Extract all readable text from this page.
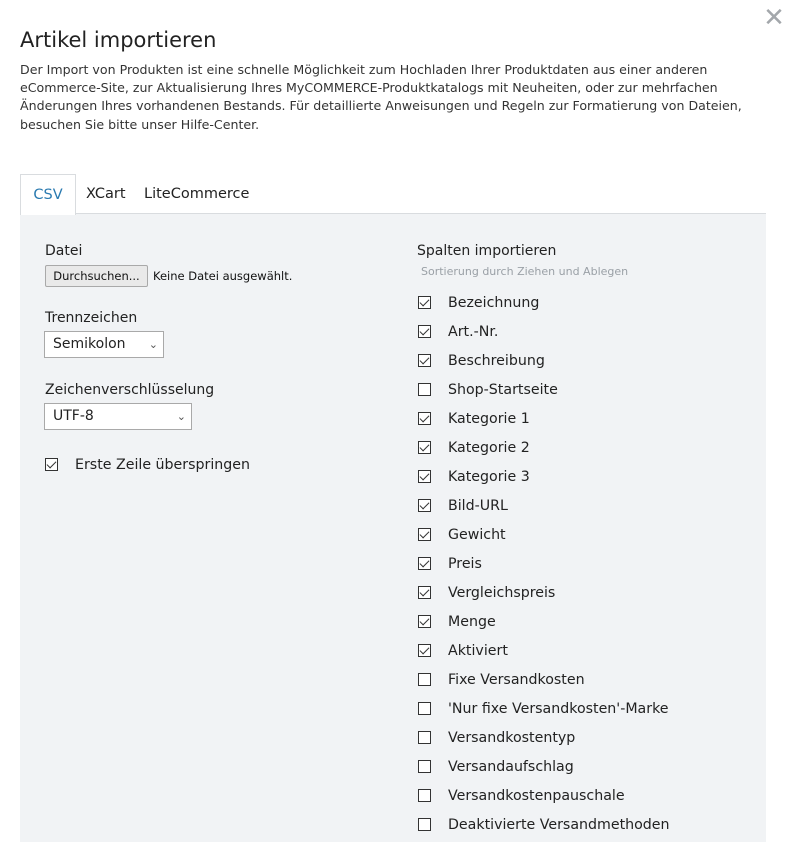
✕
Artikel importieren

Der Import von Produkten ist eine schnelle Möglichkeit zum Hochladen Ihrer Produktdaten aus einer anderen eCommerce-Site, zur Aktualisierung Ihres MyCOMMERCE-Produktkatalogs mit Neuheiten, oder zur mehrfachen Änderungen Ihres vorhandenen Bestands. Für detaillierte Anweisungen und Regeln zur Formatierung von Dateien, besuchen Sie bitte unser Hilfe-Center.

CSV	XCart LiteCommerce
Datei
Durchsuchen...	Keine Datei ausgewählt.
Trennzeichen
Semikolon ⌄
Zeichenverschlüsselung
UTF-8	⌄
Erste Zeile überspringen
Spalten importieren
Sortierung durch Ziehen und Ablegen
Bezeichnung
Art.-Nr.
Beschreibung
Shop-Startseite
Kategorie 1
Kategorie 2
Kategorie 3
Bild-URL
Gewicht
Preis
Vergleichspreis
Menge
Aktiviert
Fixe Versandkosten
'Nur fixe Versandkosten'-Marke
Versandkostentyp
Versandaufschlag
Versandkostenpauschale
Deaktivierte Versandmethoden
